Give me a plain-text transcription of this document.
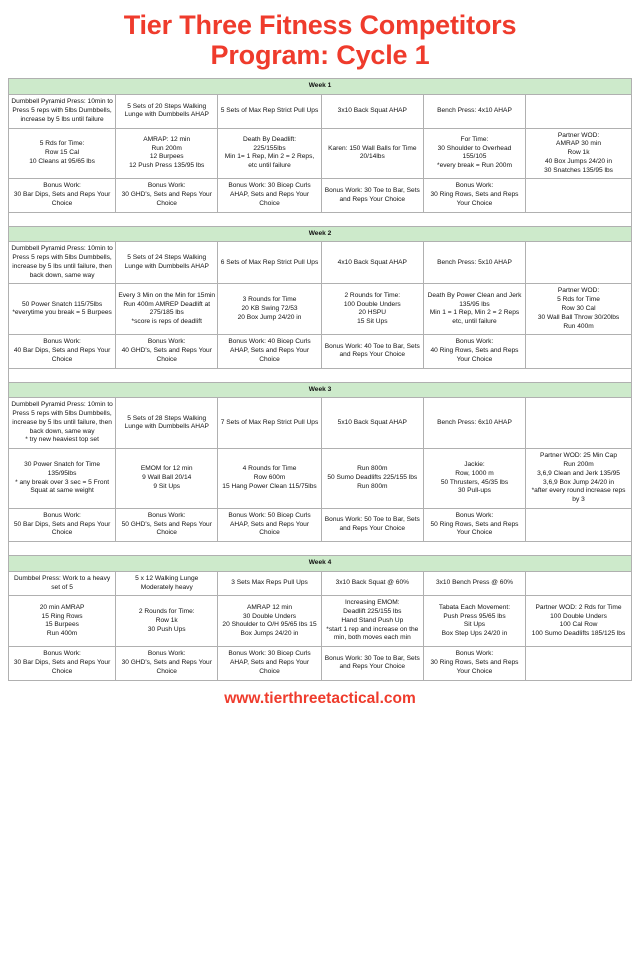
Tier Three Fitness Competitors
Program: Cycle 1
Week 1					

Dumbbell Pyramid Press: 10min to Press 5 reps with 5lbs Dumbbells, increase by 5 lbs until failure	5 Sets of 20 Steps Walking Lunge with Dumbbells AHAP	5 Sets of Max Rep Strict Pull Ups	3x10 Back Squat AHAP	Bench Press: 4x10 AHAP	

5 Rds for Time:
Row 15 Cal
10 Cleans at 95/65 lbs	AMRAP: 12 min
Run 200m
12 Burpees
12 Push Press 135/95 lbs	Death By Deadlift:
225/155lbs
Min 1= 1 Rep, Min 2 = 2 Reps, etc until failure	Karen: 150 Wall Balls for Time 20/14lbs	For Time:
30 Shoulder to Overhead 155/105
*every break = Run 200m	Partner WOD:
AMRAP 30 min
Row 1k
40 Box Jumps 24/20 in
30 Snatches 135/95 lbs

Bonus Work:
30 Bar Dips, Sets and Reps Your Choice	Bonus Work:
30 GHD's, Sets and Reps Your Choice	Bonus Work: 30 Bicep Curls AHAP, Sets and Reps Your Choice	Bonus Work: 30 Toe to Bar, Sets and Reps Your Choice	Bonus Work:
30 Ring Rows, Sets and Reps Your Choice	

Week 2					

Dumbbell Pyramid Press: 10min to Press 5 reps with 5lbs Dumbbells, increase by 5 lbs until failure, then back down, same way	5 Sets of 24 Steps Walking Lunge with Dumbbells AHAP	6 Sets of Max Rep Strict Pull Ups	4x10 Back Squat AHAP	Bench Press: 5x10 AHAP	

50 Power Snatch 115/75lbs
*everytime you break = 5 Burpees	Every 3 Min on the Min for 15min
Run 400m AMREP Deadlift at 275/185 lbs
*score is reps of deadlift	3 Rounds for Time
20 KB Swing 72/53
20 Box Jump 24/20 in	2 Rounds for Time:
100 Double Unders
20 HSPU
15 Sit Ups	Death By Power Clean and Jerk 135/95 lbs
Min 1 = 1 Rep, Min 2 = 2 Reps etc, until failure	Partner WOD:
5 Rds for Time
Row 30 Cal
30 Wall Ball Throw 30/20lbs
Run 400m

Bonus Work:
40 Bar Dips, Sets and Reps Your Choice	Bonus Work:
40 GHD's, Sets and Reps Your Choice	Bonus Work: 40 Bicep Curls AHAP, Sets and Reps Your Choice	Bonus Work: 40 Toe to Bar, Sets and Reps Your Choice	Bonus Work:
40 Ring Rows, Sets and Reps Your Choice	

Week 3					

Dumbbell Pyramid Press: 10min to Press 5 reps with 5lbs Dumbbells, increase by 5 lbs until failure, then back down, same way
* try new heaviest top set	5 Sets of 28 Steps Walking Lunge with Dumbbells AHAP	7 Sets of Max Rep Strict Pull Ups	5x10 Back Squat AHAP	Bench Press: 6x10 AHAP	

30 Power Snatch for Time 135/95lbs
* any break over 3 sec = 5 Front Squat at same weight	EMOM for 12 min
9 Wall Ball 20/14
9 Sit Ups	4 Rounds for Time
Row 600m
15 Hang Power Clean 115/75lbs	Run 800m
50 Sumo Deadlifts 225/155 lbs
Run 800m	Jackie:
Row, 1000 m
50 Thrusters, 45/35 lbs
30 Pull-ups	Partner WOD: 25 Min Cap
Run 200m
3,6,9 Clean and Jerk 135/95
3,6,9 Box Jump 24/20 in
*after every round increase reps by 3

Bonus Work:
50 Bar Dips, Sets and Reps Your Choice	Bonus Work:
50 GHD's, Sets and Reps Your Choice	Bonus Work: 50 Bicep Curls AHAP, Sets and Reps Your Choice	Bonus Work: 50 Toe to Bar, Sets and Reps Your Choice	Bonus Work:
50 Ring Rows, Sets and Reps Your Choice	

Week 4					

Dumbbel Press: Work to a heavy set of 5	5 x 12 Walking Lunge Moderately heavy	3 Sets Max Reps Pull Ups	3x10 Back Squat @ 60%	3x10 Bench Press @ 60%	

20 min AMRAP
15 Ring Rows
15 Burpees
Run 400m	2 Rounds for Time:
Row 1k
30 Push Ups	AMRAP 12 min
30 Double Unders
20 Shoulder to O/H 95/65 lbs 15 Box Jumps 24/20 in	Increasing EMOM:
Deadlift 225/155 lbs
Hand Stand Push Up
*start 1 rep and increase on the min, both moves each min	Tabata Each Movement:
Push Press 95/65 lbs
Sit Ups
Box Step Ups 24/20 in	Partner WOD: 2 Rds for Time
100 Double Unders
100 Cal Row
100 Sumo Deadlifts 185/125 lbs

Bonus Work:
30 Bar Dips, Sets and Reps Your Choice	Bonus Work:
30 GHD's, Sets and Reps Your Choice	Bonus Work: 30 Bicep Curls AHAP, Sets and Reps Your Choice	Bonus Work: 30 Toe to Bar, Sets and Reps Your Choice	Bonus Work:
30 Ring Rows, Sets and Reps Your Choice	

www.tierthreetactical.com
